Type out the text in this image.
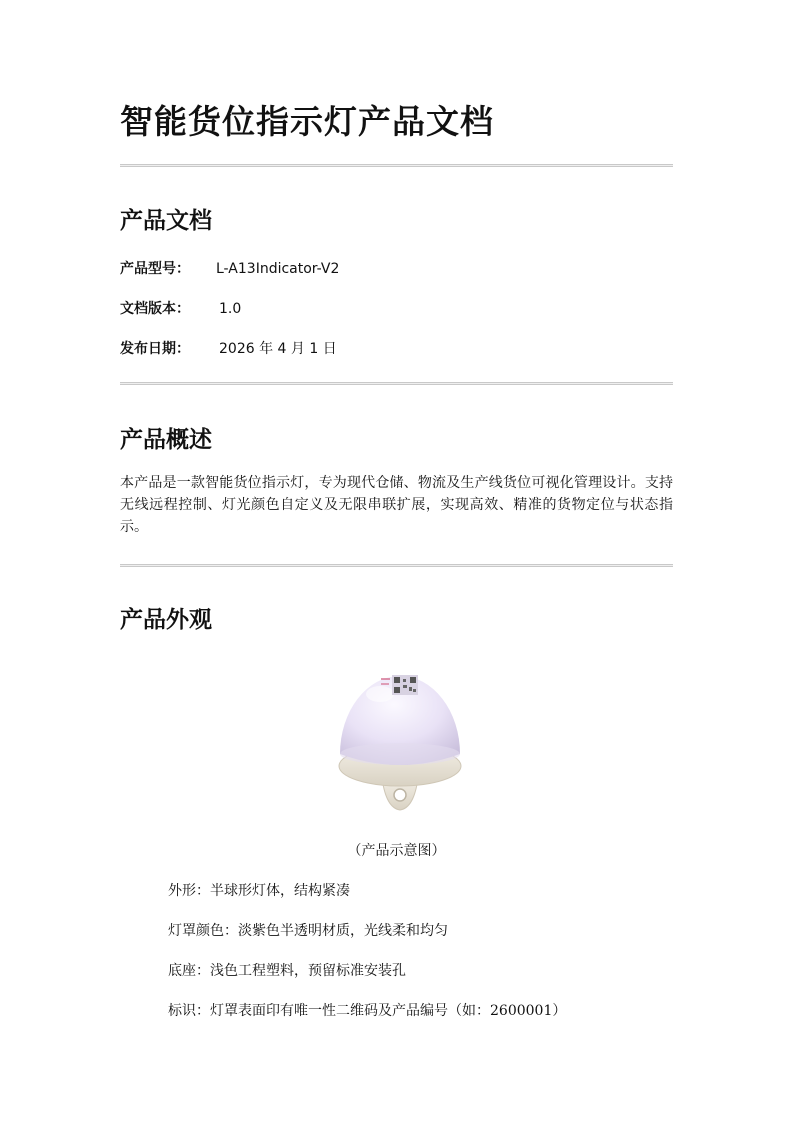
智能货位指示灯产品文档
产品文档
产品型号： L-A13Indicator-V2
文档版本： 1.0
发布日期： 2026 年 4 月 1 日
产品概述
本产品是一款智能货位指示灯，专为现代仓储、物流及生产线货位可视化管理设计。支持无线远程控制、灯光颜色自定义及无限串联扩展，实现高效、精准的货物定位与状态指示。
产品外观
（产品示意图）
外形：半球形灯体，结构紧凑
灯罩颜色：淡紫色半透明材质，光线柔和均匀
底座：浅色工程塑料，预留标准安装孔
标识：灯罩表面印有唯一性二维码及产品编号（如：2600001）
